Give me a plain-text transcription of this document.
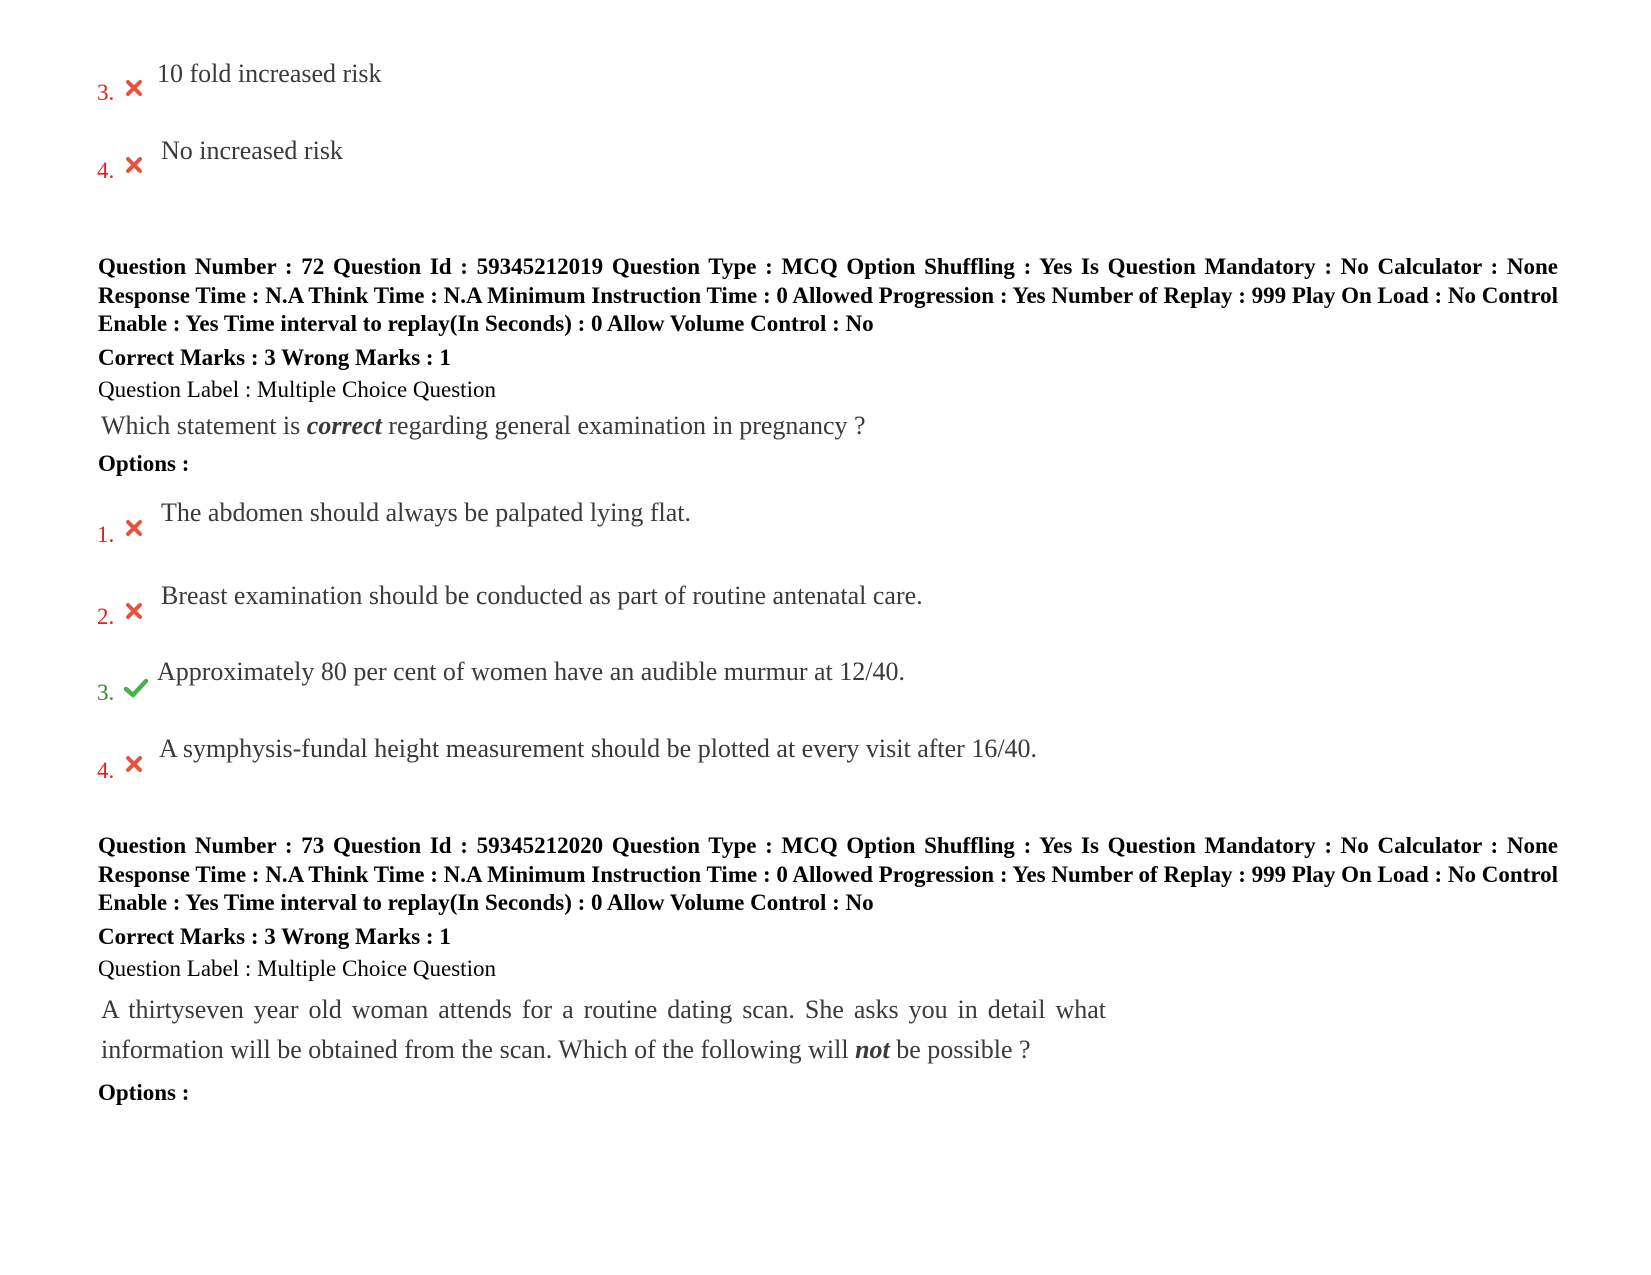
3.
10 fold increased risk
4.
No increased risk
Question Number : 72 Question Id : 59345212019 Question Type : MCQ Option Shuffling : Yes Is Question Mandatory : No Calculator : None Response Time : N.A Think Time : N.A Minimum Instruction Time : 0 Allowed Progression : Yes Number of Replay : 999 Play On Load : No Control Enable : Yes Time interval to replay(In Seconds) : 0 Allow Volume Control : No
Correct Marks : 3 Wrong Marks : 1
Question Label : Multiple Choice Question
Which statement is correct regarding general examination in pregnancy ?
Options :
1.
The abdomen should always be palpated lying flat.
2.
Breast examination should be conducted as part of routine antenatal care.
3.
Approximately 80 per cent of women have an audible murmur at 12/40.
4.
A symphysis-fundal height measurement should be plotted at every visit after 16/40.
Question Number : 73 Question Id : 59345212020 Question Type : MCQ Option Shuffling : Yes Is Question Mandatory : No Calculator : None Response Time : N.A Think Time : N.A Minimum Instruction Time : 0 Allowed Progression : Yes Number of Replay : 999 Play On Load : No Control Enable : Yes Time interval to replay(In Seconds) : 0 Allow Volume Control : No
Correct Marks : 3 Wrong Marks : 1
Question Label : Multiple Choice Question
A thirtyseven year old woman attends for a routine dating scan. She asks you in detail what information will be obtained from the scan. Which of the following will not be possible ?
Options :
